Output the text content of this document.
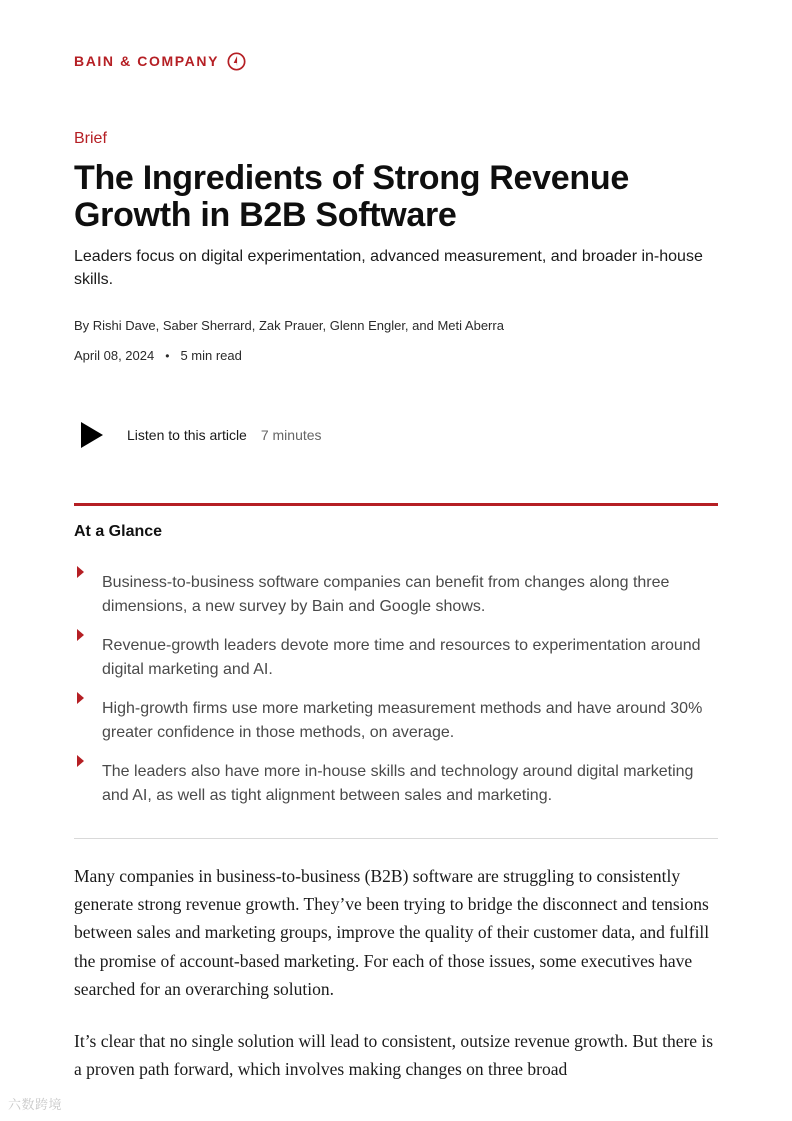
BAIN & COMPANY
Brief
The Ingredients of Strong Revenue Growth in B2B Software

Leaders focus on digital experimentation, advanced measurement, and broader in-house skills.

By Rishi Dave, Saber Sherrard, Zak Prauer, Glenn Engler, and Meti Aberra
April 08, 2024 • 5 min read
Listen to this article 7 minutes
At a Glance
Business-to-business software companies can benefit from changes along three dimensions, a new survey by Bain and Google shows.
Revenue-growth leaders devote more time and resources to experimentation around digital marketing and AI.
High-growth firms use more marketing measurement methods and have around 30% greater confidence in those methods, on average.
The leaders also have more in-house skills and technology around digital marketing and AI, as well as tight alignment between sales and marketing.

Many companies in business-to-business (B2B) software are struggling to consistently generate strong revenue growth. They’ve been trying to bridge the disconnect and tensions between sales and marketing groups, improve the quality of their customer data, and fulfill the promise of account-based marketing. For each of those issues, some executives have searched for an overarching solution.

It’s clear that no single solution will lead to consistent, outsize revenue growth. But there is a proven path forward, which involves making changes on three broad

六数跨境
